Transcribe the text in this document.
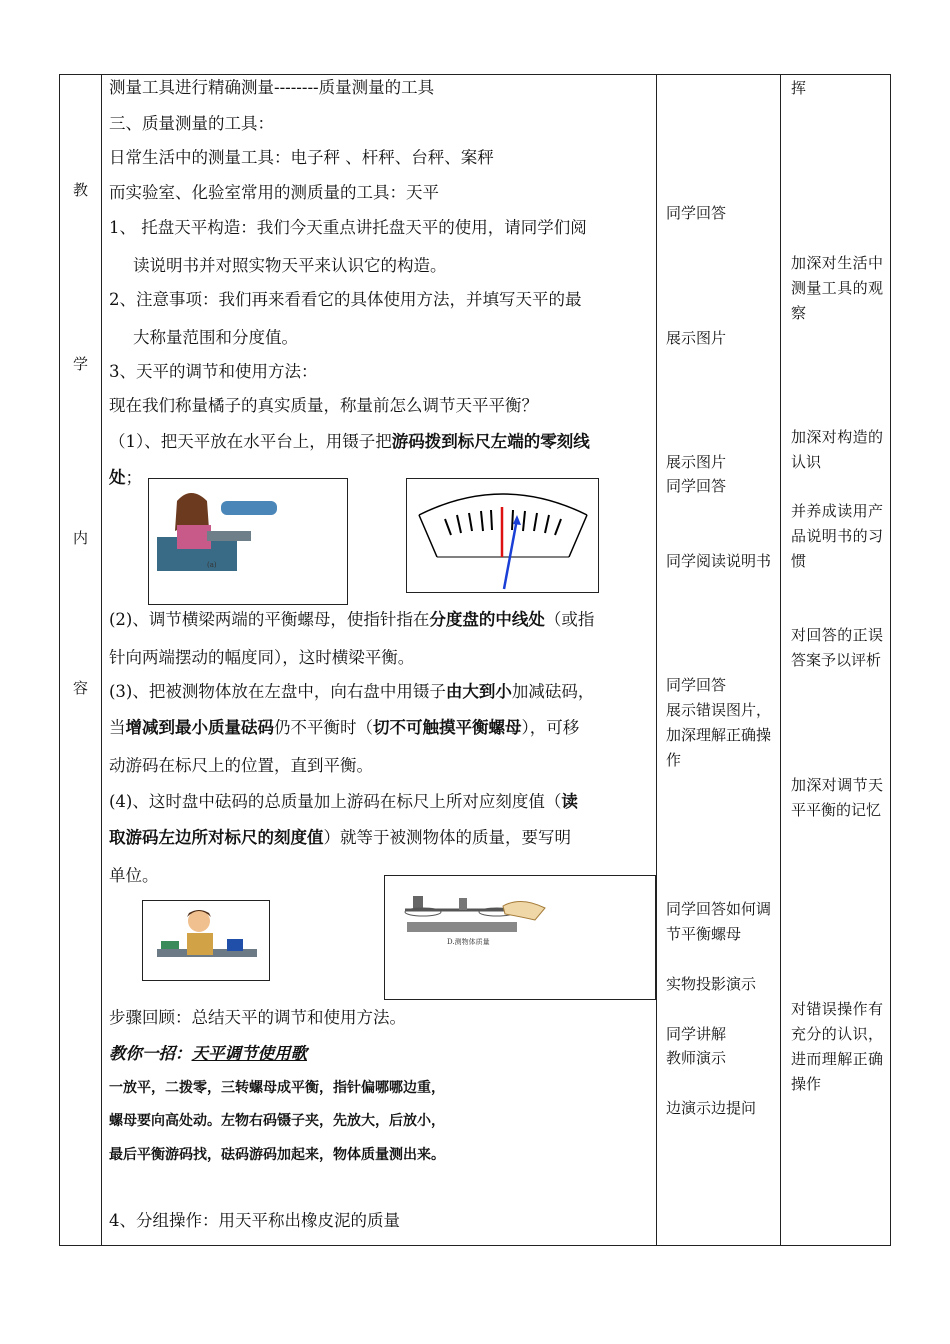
教
学
内
容
测量工具进行精确测量--------质量测量的工具
三、质量测量的工具：
日常生活中的测量工具：电子秤 、杆秤、台秤、案秤
而实验室、化验室常用的测质量的工具：天平
1、 托盘天平构造：我们今天重点讲托盘天平的使用，请同学们阅
读说明书并对照实物天平来认识它的构造。
2、注意事项：我们再来看看它的具体使用方法，并填写天平的最
大称量范围和分度值。
3、天平的调节和使用方法：
现在我们称量橘子的真实质量，称量前怎么调节天平平衡？
（1）、把天平放在水平台上，用镊子把游码拨到标尺左端的零刻线
处；
(2)、调节横梁两端的平衡螺母，使指针指在分度盘的中线处（或指
针向两端摆动的幅度同），这时横梁平衡。
(3)、把被测物体放在左盘中，向右盘中用镊子由大到小加减砝码，
当增减到最小质量砝码仍不平衡时（切不可触摸平衡螺母），可移
动游码在标尺上的位置，直到平衡。
(4)、这时盘中砝码的总质量加上游码在标尺上所对应刻度值（读
取游码左边所对标尺的刻度值）就等于被测物体的质量，要写明
单位。
步骤回顾：总结天平的调节和使用方法。
教你一招：天平调节使用歌
一放平，二拨零，三转螺母成平衡，指针偏哪哪边重，
螺母要向高处动。左物右码镊子夹，先放大，后放小，
最后平衡游码找，砝码游码加起来，物体质量测出来。
4、分组操作：用天平称出橡皮泥的质量
(a)
D.测物体质量
同学回答
展示图片
展示图片
同学回答
同学阅读说明书
同学回答
展示错误图片，加深理解正确操作
同学回答如何调节平衡螺母
实物投影演示
同学讲解
教师演示
边演示边提问
挥
加深对生活中测量工具的观察
加深对构造的认识
并养成读用产品说明书的习惯
对回答的正误答案予以评析
加深对调节天平平衡的记忆
对错误操作有充分的认识，进而理解正确操作
